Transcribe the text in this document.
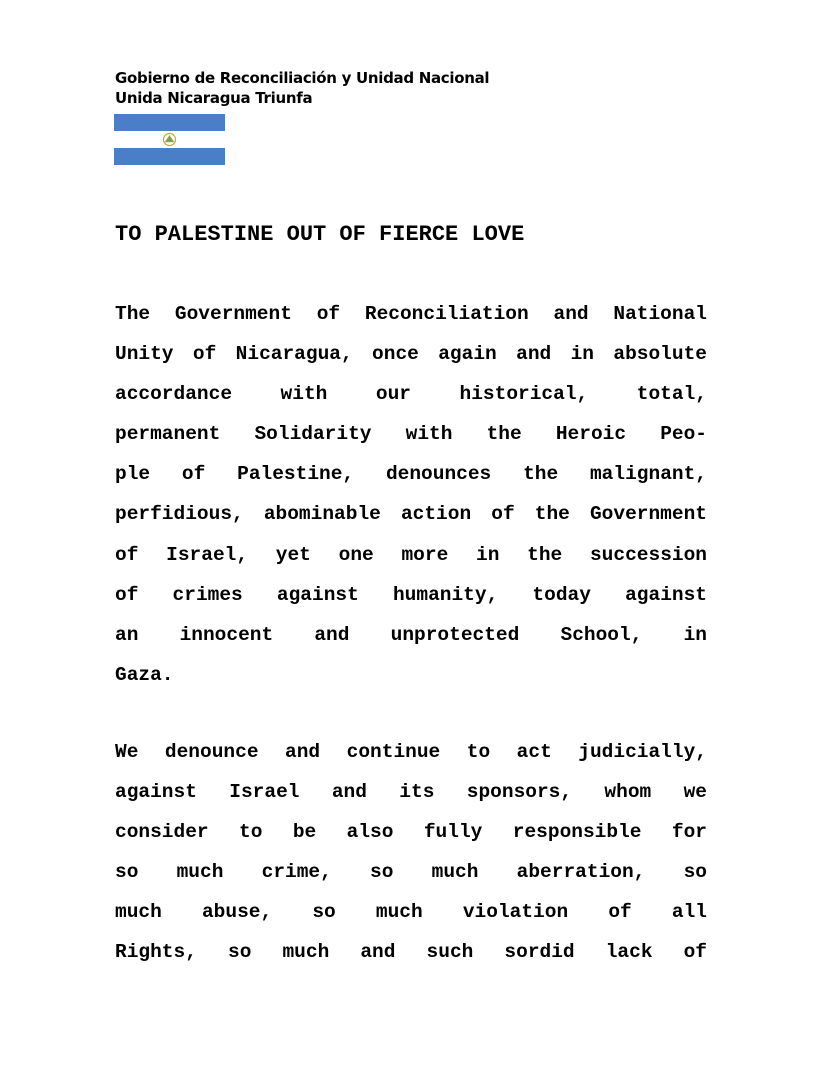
Gobierno de Reconciliación y Unidad Nacional
Unida Nicaragua Triunfa
TO PALESTINE OUT OF FIERCE LOVE
The Government of Reconciliation and National
Unity of Nicaragua, once again and in absolute
accordance with our historical, total,
permanent Solidarity with the Heroic Peo-
ple of Palestine, denounces the malignant,
perfidious, abominable action of the Government
of Israel, yet one more in the succession
of crimes against humanity, today against
an innocent and unprotected School, in
Gaza.
We denounce and continue to act judicially,
against Israel and its sponsors, whom we
consider to be also fully responsible for
so much crime, so much aberration, so
much abuse, so much violation of all
Rights, so much and such sordid lack of
